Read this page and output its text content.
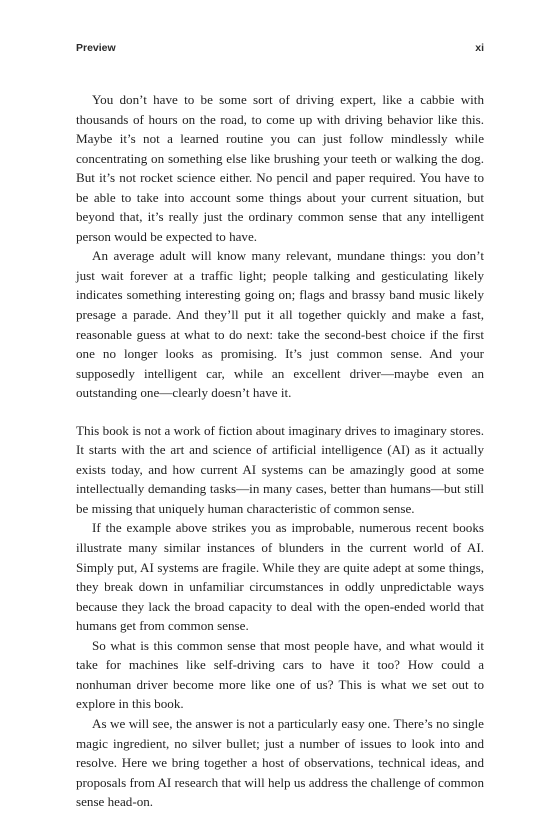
Preview	xi

You don’t have to be some sort of driving expert, like a cabbie with thousands of hours on the road, to come up with driving behavior like this. Maybe it’s not a learned routine you can just follow mindlessly while concentrating on something else like brushing your teeth or walking the dog. But it’s not rocket science either. No pencil and paper required. You have to be able to take into account some things about your current situation, but beyond that, it’s really just the ordinary common sense that any intelligent person would be expected to have.

An average adult will know many relevant, mundane things: you don’t just wait forever at a traffic light; people talking and gesticulating likely indicates something interesting going on; flags and brassy band music likely presage a parade. And they’ll put it all together quickly and make a fast, reasonable guess at what to do next: take the second-best choice if the first one no longer looks as promising. It’s just common sense. And your supposedly intelligent car, while an excellent driver—maybe even an outstanding one—clearly doesn’t have it.

This book is not a work of fiction about imaginary drives to imaginary stores. It starts with the art and science of artificial intelligence (AI) as it actually exists today, and how current AI systems can be amazingly good at some intellectually demanding tasks—in many cases, better than humans—but still be missing that uniquely human characteristic of common sense.

If the example above strikes you as improbable, numerous recent books illustrate many similar instances of blunders in the current world of AI. Simply put, AI systems are fragile. While they are quite adept at some things, they break down in unfamiliar circumstances in oddly unpredictable ways because they lack the broad capacity to deal with the open-ended world that humans get from common sense.

So what is this common sense that most people have, and what would it take for machines like self-driving cars to have it too? How could a nonhuman driver become more like one of us? This is what we set out to explore in this book.

As we will see, the answer is not a particularly easy one. There’s no single magic ingredient, no silver bullet; just a number of issues to look into and resolve. Here we bring together a host of observations, technical ideas, and proposals from AI research that will help us address the challenge of common sense head-on.
